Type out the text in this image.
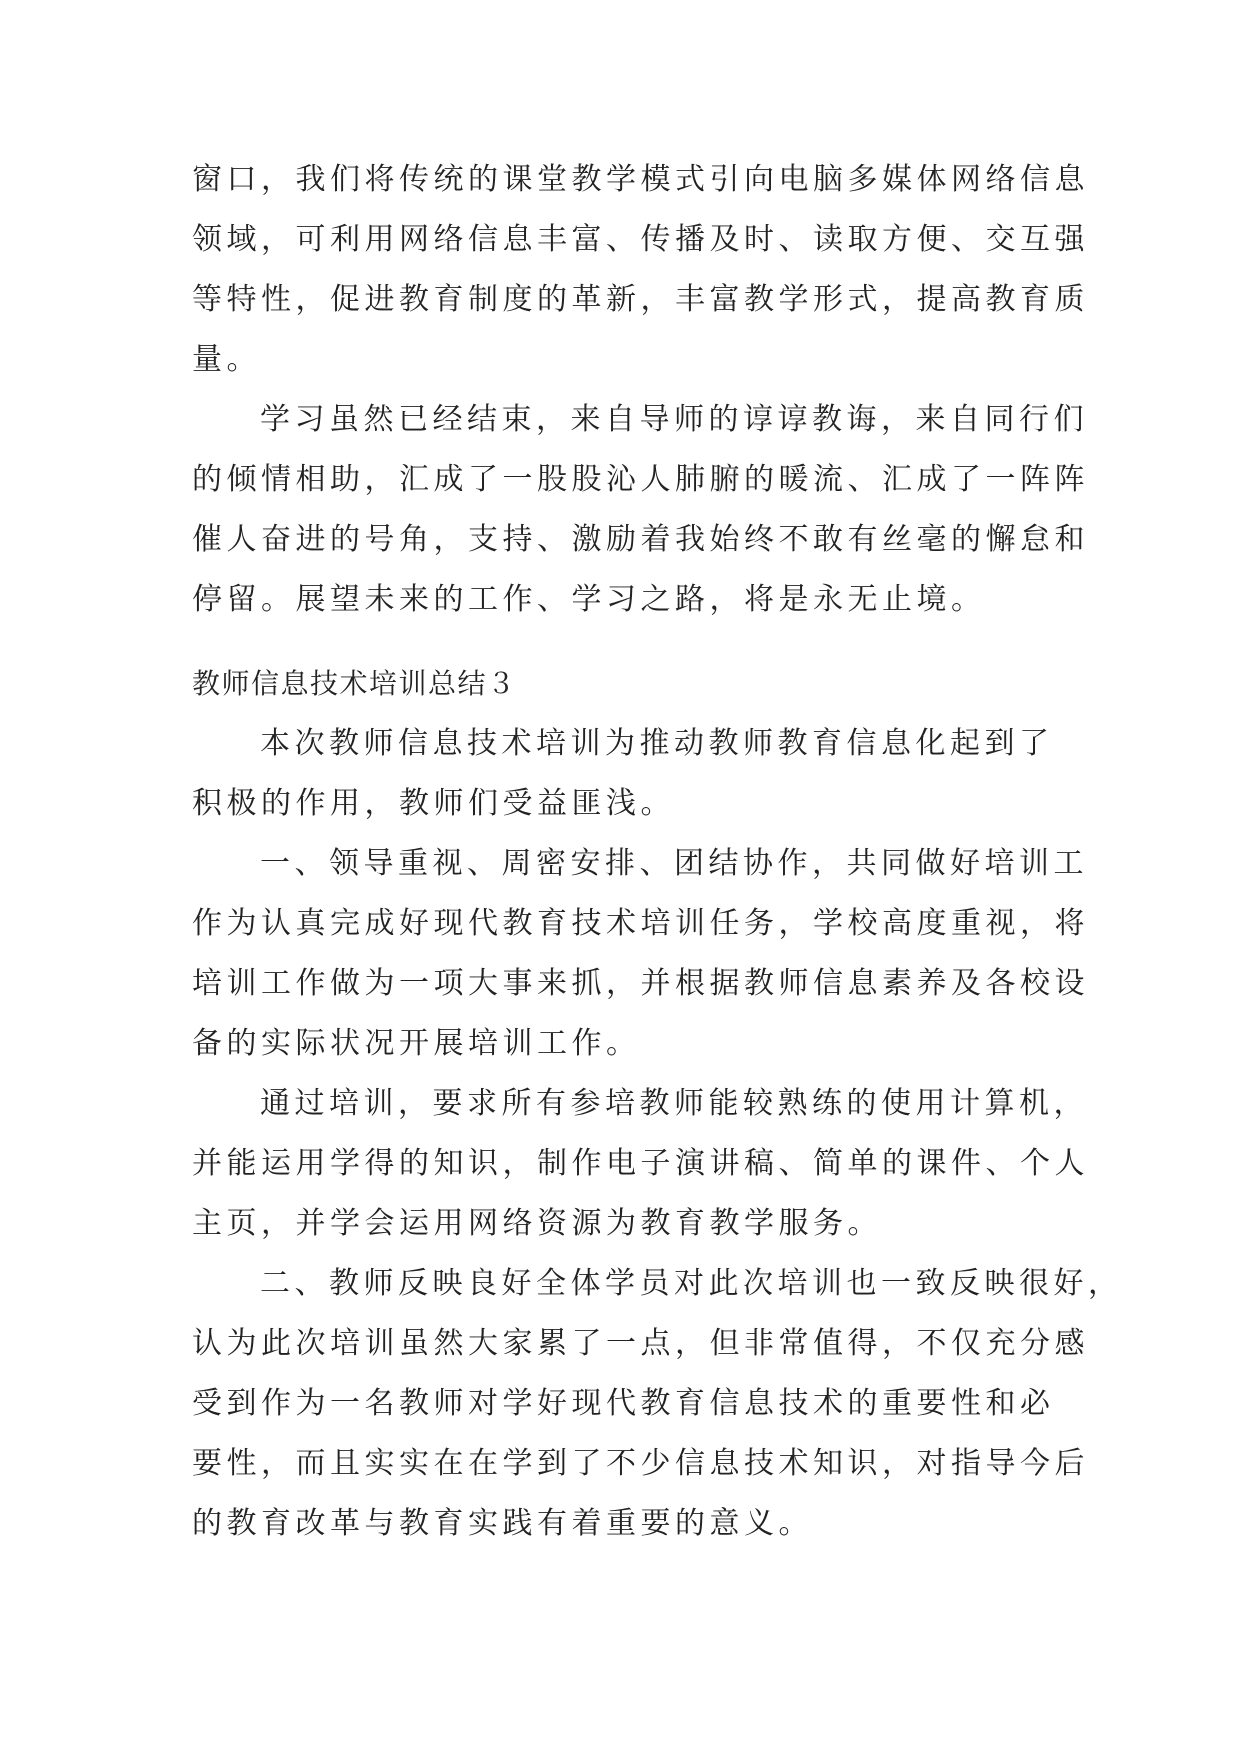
窗口，我们将传统的课堂教学模式引向电脑多媒体网络信息
领域，可利用网络信息丰富、传播及时、读取方便、交互强
等特性，促进教育制度的革新，丰富教学形式，提高教育质
量。
学习虽然已经结束，来自导师的谆谆教诲，来自同行们
的倾情相助，汇成了一股股沁人肺腑的暖流、汇成了一阵阵
催人奋进的号角，支持、激励着我始终不敢有丝毫的懈怠和
停留。展望未来的工作、学习之路，将是永无止境。
教师信息技术培训总结３
本次教师信息技术培训为推动教师教育信息化起到了
积极的作用，教师们受益匪浅。
一、领导重视、周密安排、团结协作，共同做好培训工
作为认真完成好现代教育技术培训任务，学校高度重视，将
培训工作做为一项大事来抓，并根据教师信息素养及各校设
备的实际状况开展培训工作。
通过培训，要求所有参培教师能较熟练的使用计算机，
并能运用学得的知识，制作电子演讲稿、简单的课件、个人
主页，并学会运用网络资源为教育教学服务。
二、教师反映良好全体学员对此次培训也一致反映很好，
认为此次培训虽然大家累了一点，但非常值得，不仅充分感
受到作为一名教师对学好现代教育信息技术的重要性和必
要性，而且实实在在学到了不少信息技术知识，对指导今后
的教育改革与教育实践有着重要的意义。
